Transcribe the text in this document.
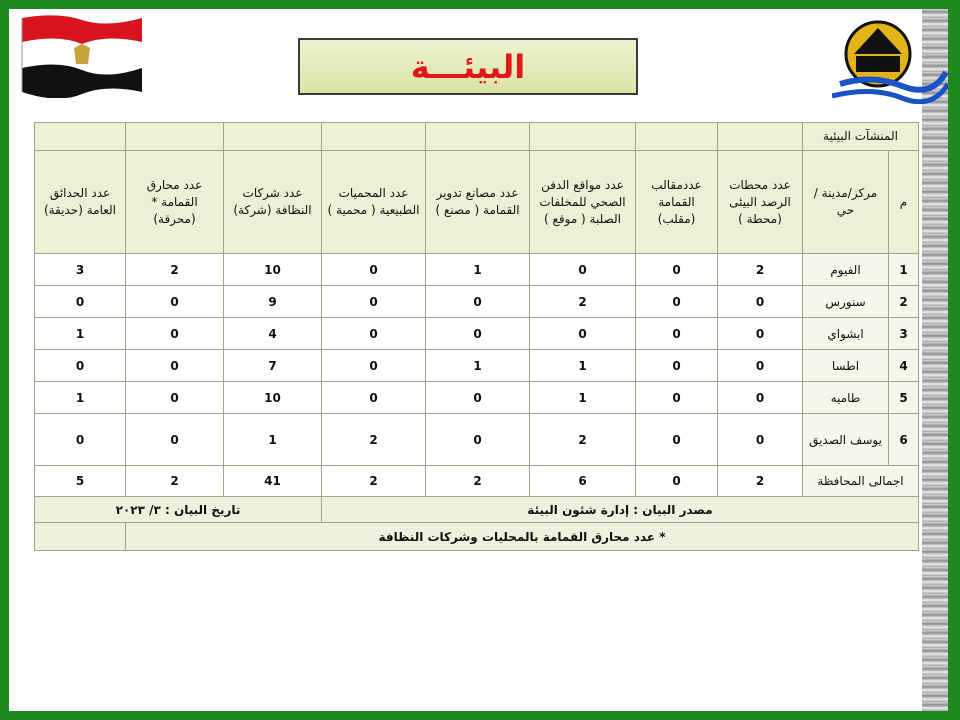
البيئـــة
المنشآت البيئية									
م	مركز/مدينة / حي	عدد محطات الرصد البيئى (محطة )	عددمقالب القمامة (مقلب)	عدد مواقع الدفن الصحي للمخلفات الصلبة ( موقع )	عدد مصانع تدوير القمامة ( مصنع )	عدد المحميات الطبيعية ( محمية )	عدد شركات النظافة (شركة)	عدد محارق القمامة * (محرقة)	عدد الحدائق العامة (حديقة)
1	الفيوم	2	0	0	1	0	10	2	3
2	سنورس	0	0	2	0	0	9	0	0
3	ابشواي	0	0	0	0	0	4	0	1
4	اطسا	0	0	1	1	0	7	0	0
5	طاميه	0	0	1	0	0	10	0	1
6	يوسف الصديق	0	0	2	0	2	1	0	0
اجمالى المحافظة		2	0	6	2	2	41	2	5
مصدر البيان : إدارة شئون البيئة							تاريخ البيان : ٣/ ٢٠٢٣		
* عدد محارق القمامة بالمحليات وشركات النظافة									
